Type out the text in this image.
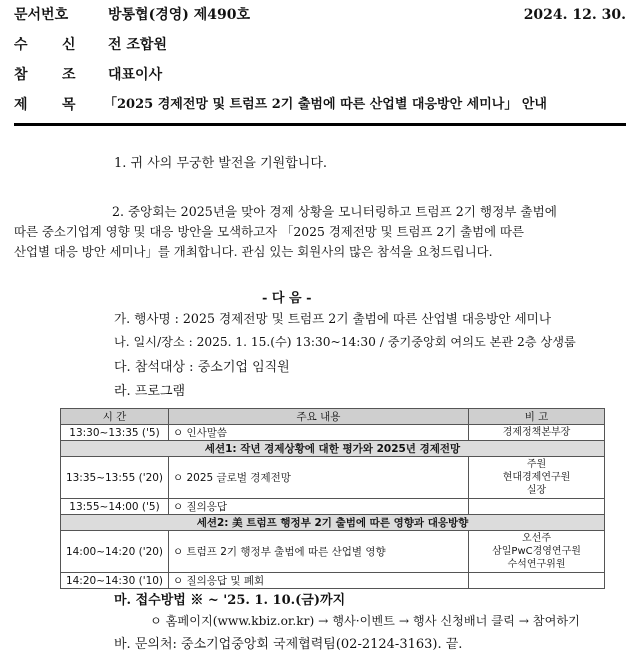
문서번호	방통협(경영) 제490호	2024. 12. 30.
수 신 전 조합원
참 조 대표이사
제 목 「2025 경제전망 및 트럼프 2기 출범에 따른 산업별 대응방안 세미나」 안내
1. 귀 사의 무궁한 발전을 기원합니다.
2. 중앙회는 2025년을 맞아 경제 상황을 모니터링하고 트럼프 2기 행정부 출범에
따른 중소기업계 영향 및 대응 방안을 모색하고자 「2025 경제전망 및 트럼프 2기 출범에 따른
산업별 대응 방안 세미나」를 개최합니다. 관심 있는 회원사의 많은 참석을 요청드립니다.
- 다 음 -
가. 행사명 : 2025 경제전망 및 트럼프 2기 출범에 따른 산업별 대응방안 세미나
나. 일시/장소 : 2025. 1. 15.(수) 13:30~14:30 / 중기중앙회 여의도 본관 2층 상생룸
다. 참석대상 : 중소기업 임직원
라. 프로그램
시 간	주요 내용	비 고
13:30~13:35 ('5)	ㅇ 인사말씀	경제정책본부장
세션1: 작년 경제상황에 대한 평가와 2025년 경제전망		
13:35~13:55 ('20)	ㅇ 2025 글로벌 경제전망	주원
현대경제연구원
실장

13:55~14:00 ('5)	ㅇ 질의응답	
세션2: 美 트럼프 행정부 2기 출범에 따른 영향과 대응방향		
14:00~14:20 ('20)	ㅇ 트럼프 2기 행정부 출범에 따른 산업별 영향	오선주
삼일PwC경영연구원
수석연구위원

14:20~14:30 ('10)	ㅇ 질의응답 및 폐회	
마. 접수방법 ※ ~ '25. 1. 10.(금)까지
ㅇ 홈페이지(www.kbiz.or.kr) → 행사·이벤트 → 행사 신청배너 클릭 → 참여하기
바. 문의처: 중소기업중앙회 국제협력팀(02-2124-3163). 끝.
